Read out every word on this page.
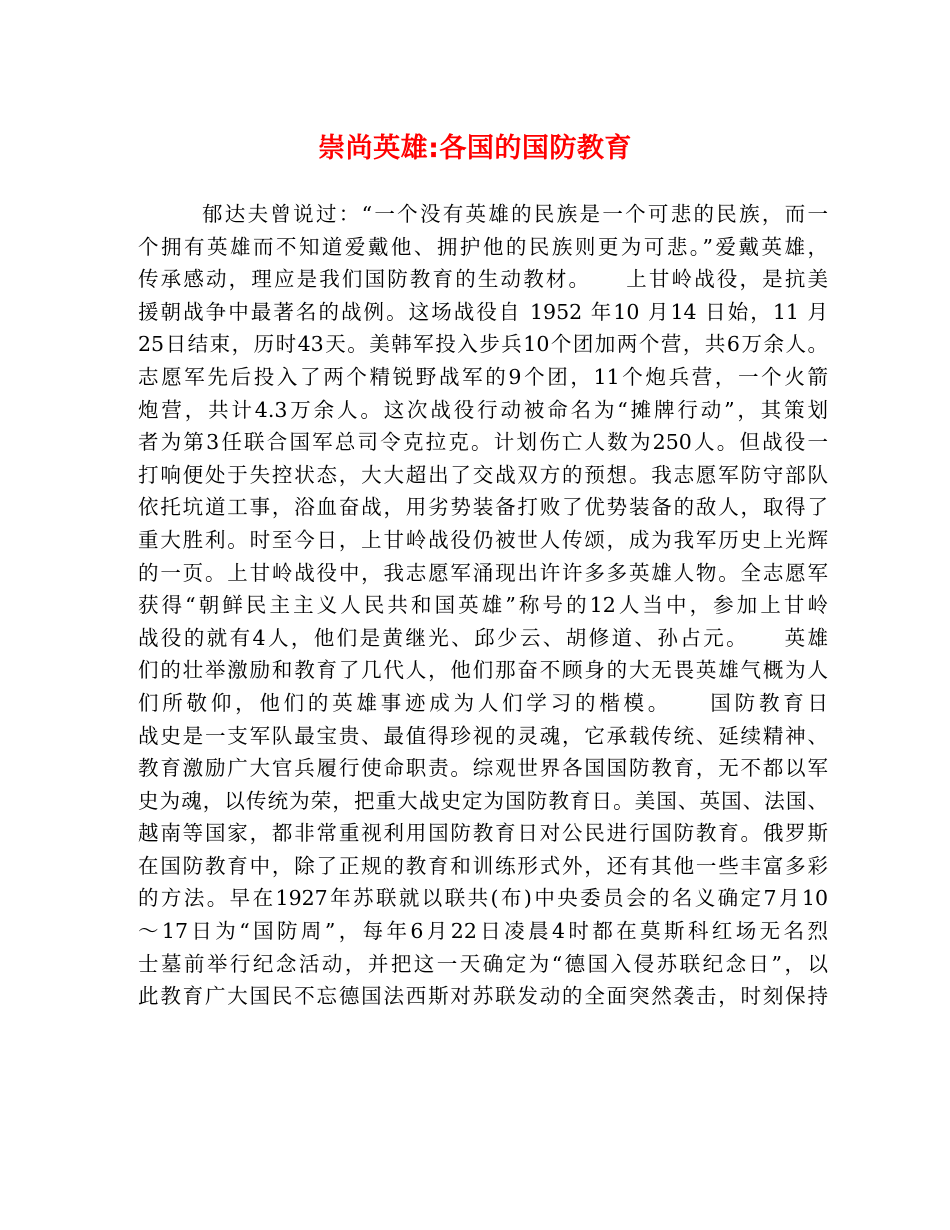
崇尚英雄:各国的国防教育
郁达夫曾说过：“一个没有英雄的民族是一个可悲的民族，而一
个拥有英雄而不知道爱戴他、拥护他的民族则更为可悲。”爱戴英雄，
传承感动，理应是我们国防教育的生动教材。　　上甘岭战役，是抗美
援朝战争中最著名的战例。这场战役自 1952 年10 月14 日始，11 月
25日结束，历时43天。美韩军投入步兵10个团加两个营，共6万余人。
志愿军先后投入了两个精锐野战军的9个团，11个炮兵营，一个火箭
炮营，共计4.3万余人。这次战役行动被命名为“摊牌行动”，其策划
者为第3任联合国军总司令克拉克。计划伤亡人数为250人。但战役一
打响便处于失控状态，大大超出了交战双方的预想。我志愿军防守部队
依托坑道工事，浴血奋战，用劣势装备打败了优势装备的敌人，取得了
重大胜利。时至今日，上甘岭战役仍被世人传颂，成为我军历史上光辉
的一页。上甘岭战役中，我志愿军涌现出许许多多英雄人物。全志愿军
获得“朝鲜民主主义人民共和国英雄”称号的12人当中，参加上甘岭
战役的就有4人，他们是黄继光、邱少云、胡修道、孙占元。　　英雄
们的壮举激励和教育了几代人，他们那奋不顾身的大无畏英雄气概为人
们所敬仰，他们的英雄事迹成为人们学习的楷模。　　国防教育日
战史是一支军队最宝贵、最值得珍视的灵魂，它承载传统、延续精神、
教育激励广大官兵履行使命职责。综观世界各国国防教育，无不都以军
史为魂，以传统为荣，把重大战史定为国防教育日。美国、英国、法国、
越南等国家，都非常重视利用国防教育日对公民进行国防教育。俄罗斯
在国防教育中，除了正规的教育和训练形式外，还有其他一些丰富多彩
的方法。早在1927年苏联就以联共(布)中央委员会的名义确定7月10
～17日为“国防周”，每年6月22日凌晨4时都在莫斯科红场无名烈
士墓前举行纪念活动，并把这一天确定为“德国入侵苏联纪念日”，以
此教育广大国民不忘德国法西斯对苏联发动的全面突然袭击，时刻保持
